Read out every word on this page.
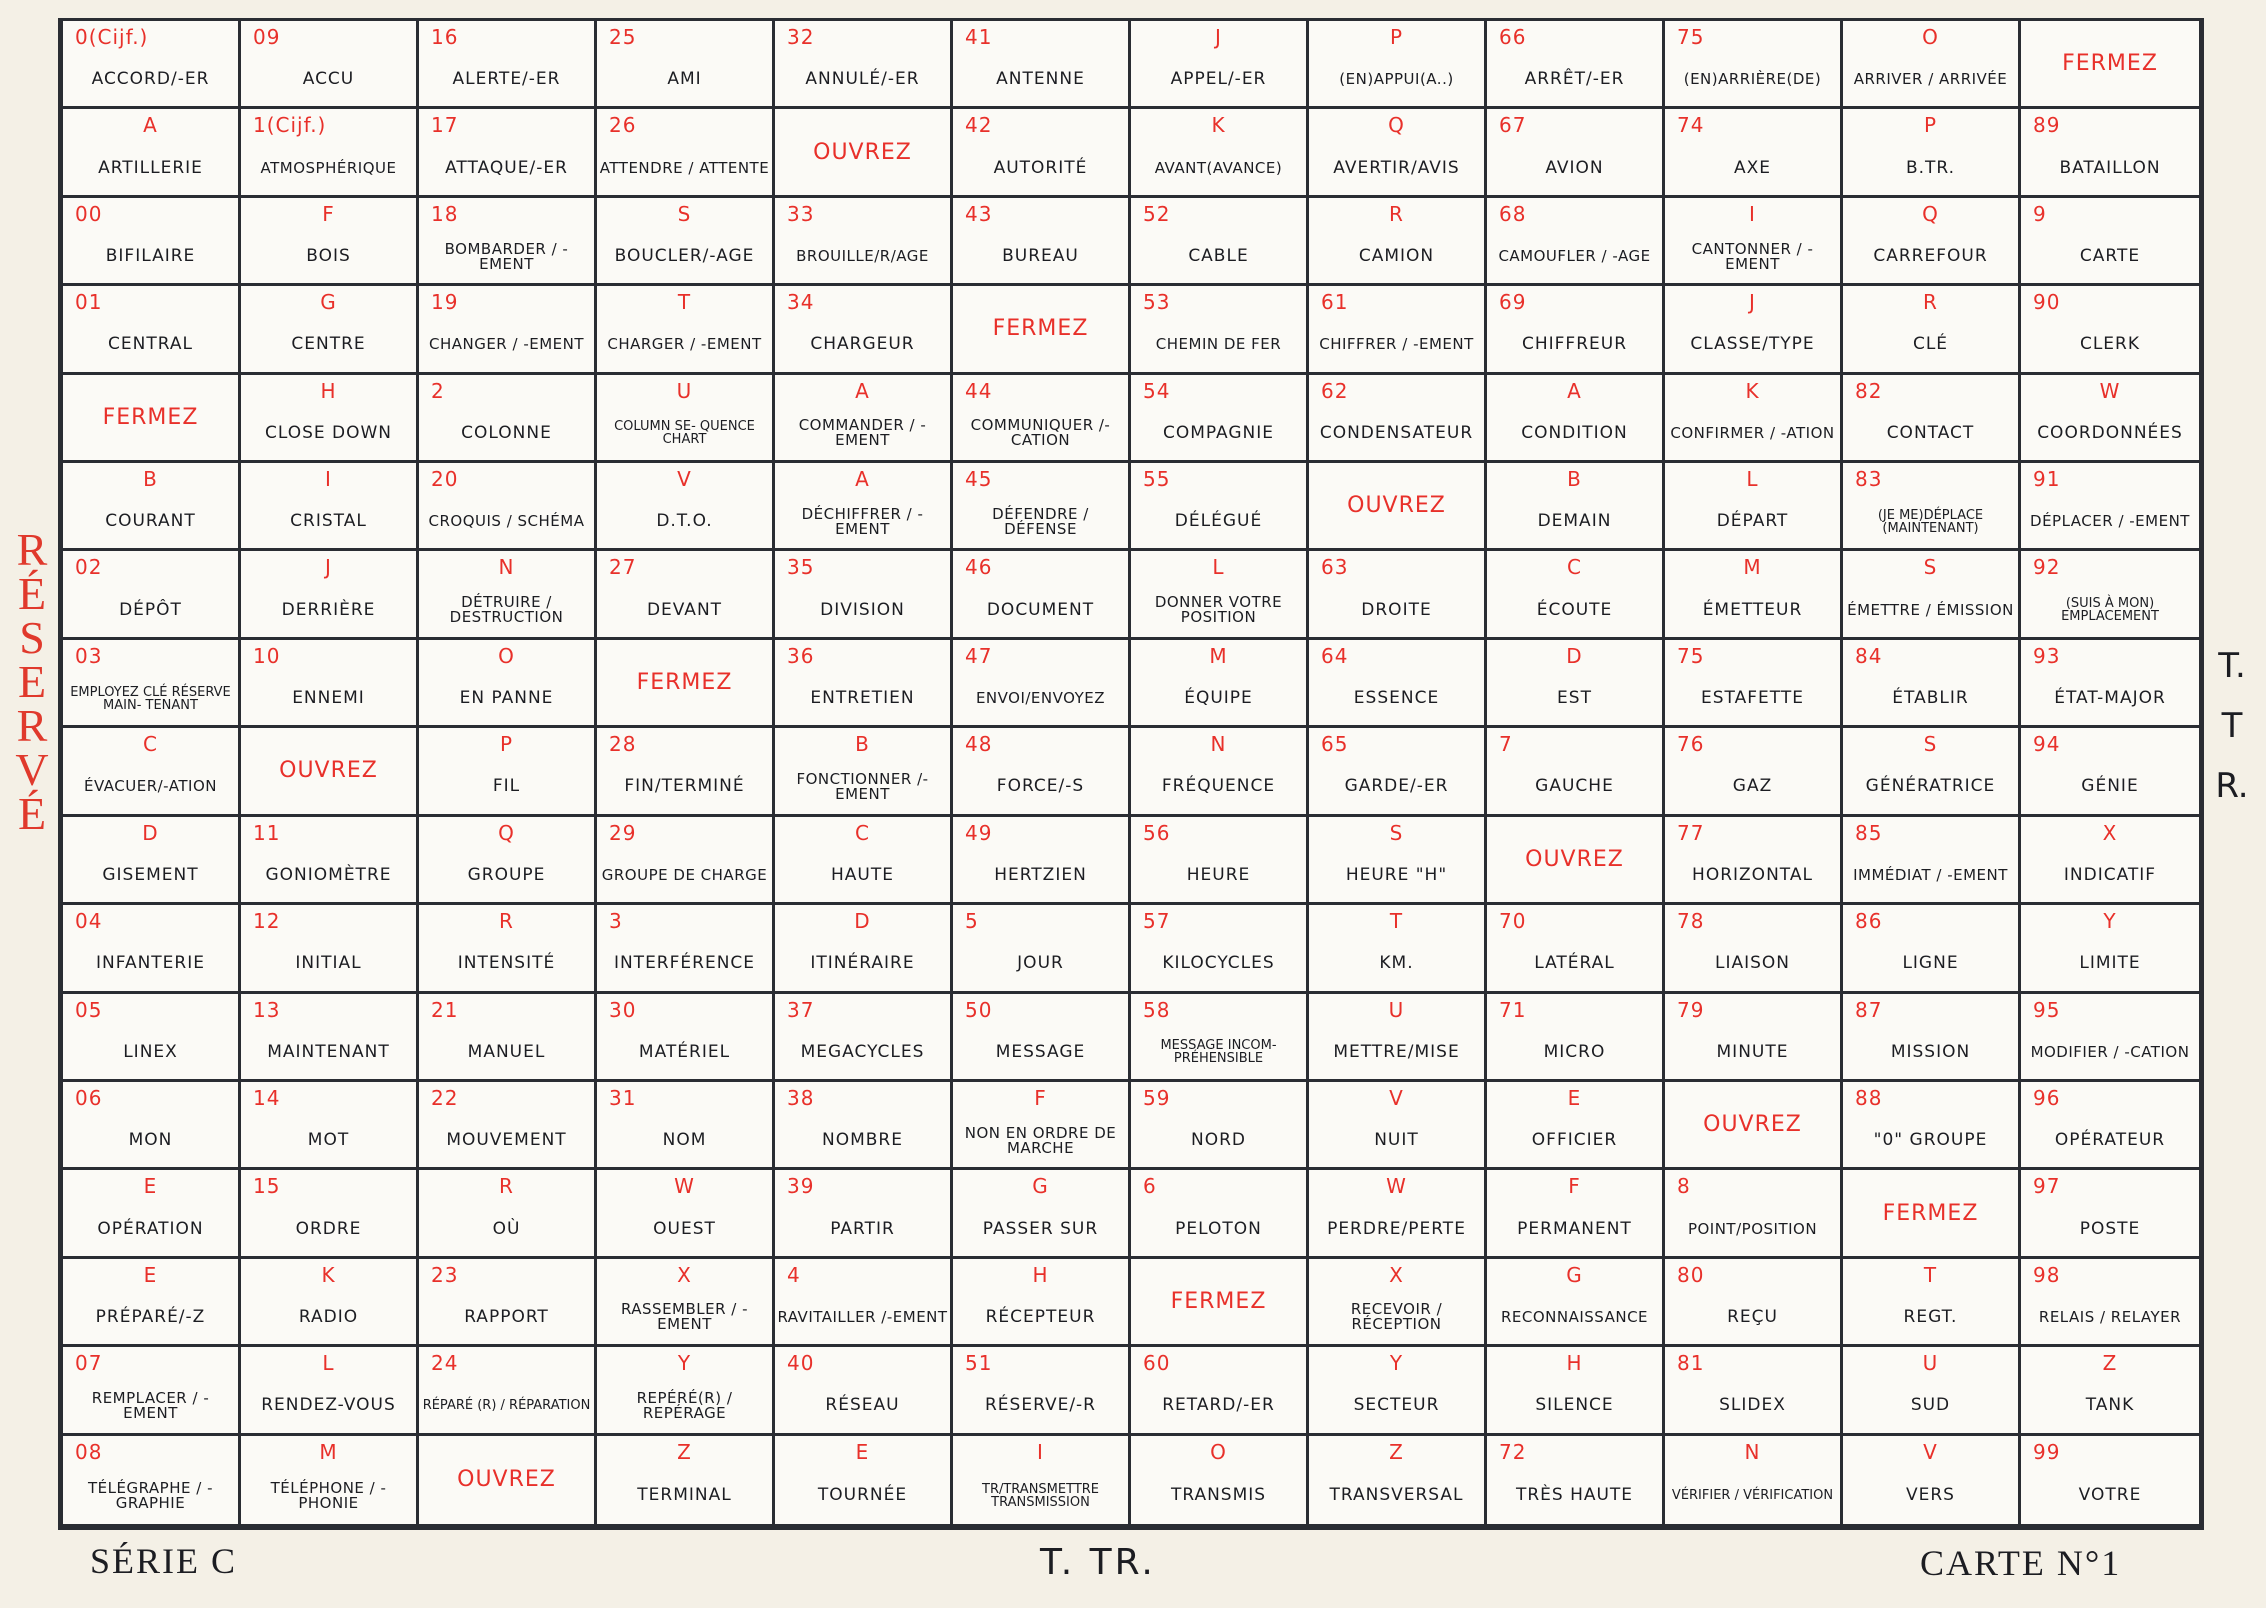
R
É
S
E
R
V
É
0(Cijf.)
ACCORD/-ER
09
ACCU
16
ALERTE/-ER
25
AMI
32
ANNULÉ/-ER
41
ANTENNE
J
APPEL/-ER
P
(EN)APPUI(A..)
66
ARRÊT/-ER
75
(EN)ARRIÈRE(DE)
O
ARRIVER / ARRIVÉE
FERMEZ
A
ARTILLERIE
1(Cijf.)
ATMOSPHÉRIQUE
17
ATTAQUE/-ER
26
ATTENDRE / ATTENTE
OUVREZ
42
AUTORITÉ
K
AVANT(AVANCE)
Q
AVERTIR/AVIS
67
AVION
74
AXE
P
B.TR.
89
BATAILLON
00
BIFILAIRE
F
BOIS
18
BOMBARDER / -EMENT
S
BOUCLER/-AGE
33
BROUILLE/R/AGE
43
BUREAU
52
CABLE
R
CAMION
68
CAMOUFLER / -AGE
I
CANTONNER / -EMENT
Q
CARREFOUR
9
CARTE
01
CENTRAL
G
CENTRE
19
CHANGER / -EMENT
T
CHARGER / -EMENT
34
CHARGEUR
FERMEZ
53
CHEMIN DE FER
61
CHIFFRER / -EMENT
69
CHIFFREUR
J
CLASSE/TYPE
R
CLÉ
90
CLERK
FERMEZ
H
CLOSE DOWN
2
COLONNE
U
COLUMN SE- QUENCE CHART
A
COMMANDER / -EMENT
44
COMMUNIQUER /-CATION
54
COMPAGNIE
62
CONDENSATEUR
A
CONDITION
K
CONFIRMER / -ATION
82
CONTACT
W
COORDONNÉES
B
COURANT
I
CRISTAL
20
CROQUIS / SCHÉMA
V
D.T.O.
A
DÉCHIFFRER / -EMENT
45
DÉFENDRE / DÉFENSE
55
DÉLÉGUÉ
OUVREZ
B
DEMAIN
L
DÉPART
83
(JE ME)DÉPLACE (MAINTENANT)
91
DÉPLACER / -EMENT
02
DÉPÔT
J
DERRIÈRE
N
DÉTRUIRE / DESTRUCTION
27
DEVANT
35
DIVISION
46
DOCUMENT
L
DONNER VOTRE POSITION
63
DROITE
C
ÉCOUTE
M
ÉMETTEUR
S
ÉMETTRE / ÉMISSION
92
(SUIS À MON) EMPLACEMENT
03
EMPLOYEZ CLÉ RÉSERVE MAIN- TENANT
10
ENNEMI
O
EN PANNE
FERMEZ
36
ENTRETIEN
47
ENVOI/ENVOYEZ
M
ÉQUIPE
64
ESSENCE
D
EST
75
ESTAFETTE
84
ÉTABLIR
93
ÉTAT-MAJOR
C
ÉVACUER/-ATION
OUVREZ
P
FIL
28
FIN/TERMINÉ
B
FONCTIONNER /-EMENT
48
FORCE/-S
N
FRÉQUENCE
65
GARDE/-ER
7
GAUCHE
76
GAZ
S
GÉNÉRATRICE
94
GÉNIE
D
GISEMENT
11
GONIOMÈTRE
Q
GROUPE
29
GROUPE DE CHARGE
C
HAUTE
49
HERTZIEN
56
HEURE
S
HEURE "H"
OUVREZ
77
HORIZONTAL
85
IMMÉDIAT / -EMENT
X
INDICATIF
04
INFANTERIE
12
INITIAL
R
INTENSITÉ
3
INTERFÉRENCE
D
ITINÉRAIRE
5
JOUR
57
KILOCYCLES
T
KM.
70
LATÉRAL
78
LIAISON
86
LIGNE
Y
LIMITE
05
LINEX
13
MAINTENANT
21
MANUEL
30
MATÉRIEL
37
MEGACYCLES
50
MESSAGE
58
MESSAGE INCOM- PRÉHENSIBLE
U
METTRE/MISE
71
MICRO
79
MINUTE
87
MISSION
95
MODIFIER / -CATION
06
MON
14
MOT
22
MOUVEMENT
31
NOM
38
NOMBRE
F
NON EN ORDRE DE MARCHE
59
NORD
V
NUIT
E
OFFICIER
OUVREZ
88
"0" GROUPE
96
OPÉRATEUR
E
OPÉRATION
15
ORDRE
R
OÙ
W
OUEST
39
PARTIR
G
PASSER SUR
6
PELOTON
W
PERDRE/PERTE
F
PERMANENT
8
POINT/POSITION
FERMEZ
97
POSTE
E
PRÉPARÉ/-Z
K
RADIO
23
RAPPORT
X
RASSEMBLER / -EMENT
4
RAVITAILLER /-EMENT
H
RÉCEPTEUR
FERMEZ
X
RECEVOIR / RÉCEPTION
G
RECONNAISSANCE
80
REÇU
T
REGT.
98
RELAIS / RELAYER
07
REMPLACER / -EMENT
L
RENDEZ-VOUS
24
RÉPARÉ (R) / RÉPARATION
Y
REPÉRÉ(R) / REPÉRAGE
40
RÉSEAU
51
RÉSERVE/-R
60
RETARD/-ER
Y
SECTEUR
H
SILENCE
81
SLIDEX
U
SUD
Z
TANK
08
TÉLÉGRAPHE / -GRAPHIE
M
TÉLÉPHONE / -PHONIE
OUVREZ
Z
TERMINAL
E
TOURNÉE
I
TR/TRANSMETTRE TRANSMISSION
O
TRANSMIS
Z
TRANSVERSAL
72
TRÈS HAUTE
N
VÉRIFIER / VÉRIFICATION
V
VERS
99
VOTRE
T.
T
R.
SÉRIE C	T. TR.	CARTE N°1
